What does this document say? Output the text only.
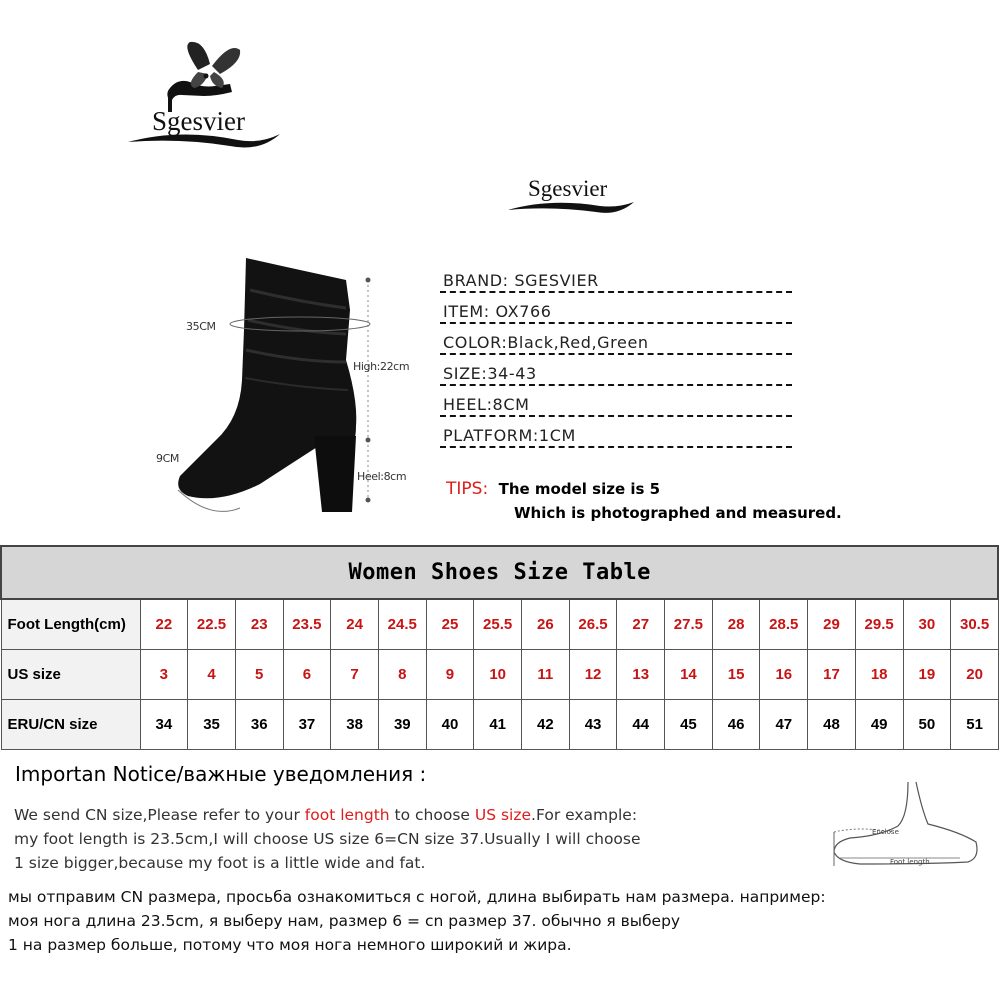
Sgesvier
Sgesvier
35CM
High:22cm
9CM
Heel:8cm
BRAND: SGESVIER
ITEM: OX766
COLOR:Black,Red,Green
SIZE:34-43
HEEL:8CM
PLATFORM:1CM
TIPS: The model size is 5
Which is photographed and measured.
Women Shoes Size Table																		
Foot Length(cm)	22	22.5	23	23.5	24	24.5	25	25.5	26	26.5	27	27.5	28	28.5	29	29.5	30	30.5
US size	3	4	5	6	7	8	9	10	11	12	13	14	15	16	17	18	19	20
ERU/CN size	34	35	36	37	38	39	40	41	42	43	44	45	46	47	48	49	50	51
Importan Notice/важные уведомления :
We send CN size,Please refer to your foot length to choose US size.For example:
my foot length is 23.5cm,I will choose US size 6=CN size 37.Usually I will choose
1 size bigger,because my foot is a little wide and fat.
мы отправим CN размера, просьба ознакомиться с ногой, длина выбирать нам размера. например:
моя нога длина 23.5cm, я выберу нам, размер 6 = cn размер 37. обычно я выберу
1 на размер больше, потому что моя нога немного широкий и жира.
Enclose
Foot length
